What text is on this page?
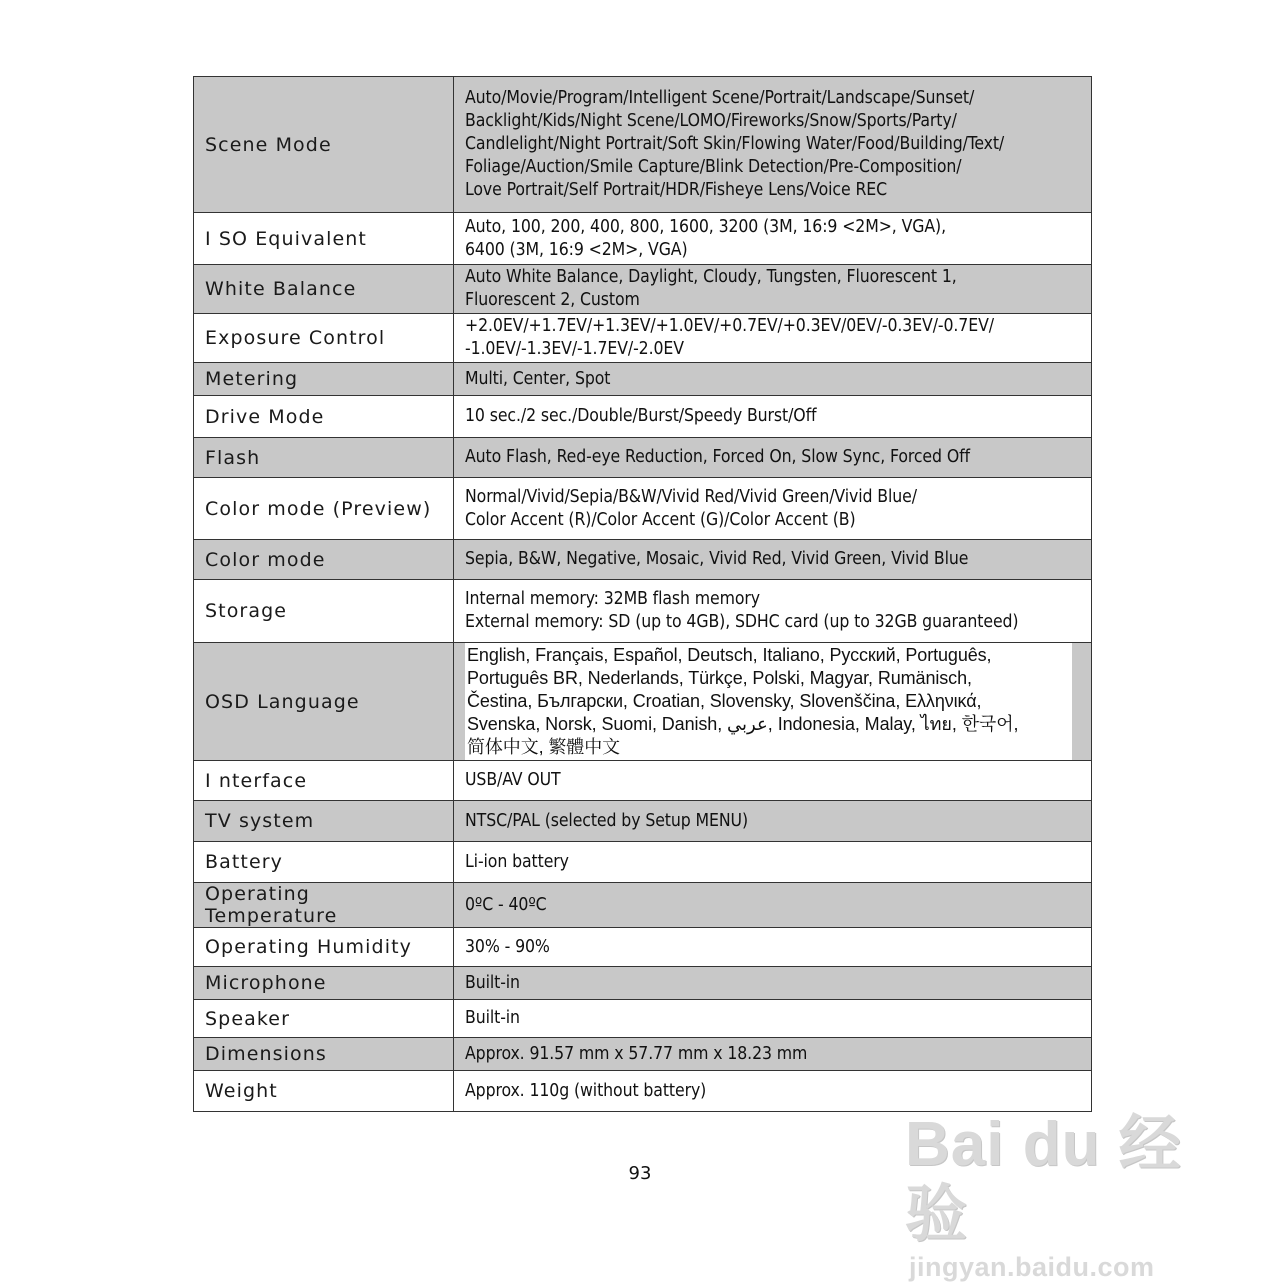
Scene Mode	Auto/Movie/Program/Intelligent Scene/Portrait/Landscape/Sunset/
Backlight/Kids/Night Scene/LOMO/Fireworks/Snow/Sports/Party/
Candlelight/Night Portrait/Soft Skin/Flowing Water/Food/Building/Text/
Foliage/Auction/Smile Capture/Blink Detection/Pre-Composition/
Love Portrait/Self Portrait/HDR/Fisheye Lens/Voice REC
I SO Equivalent	Auto, 100, 200, 400, 800, 1600, 3200 (3M, 16:9 <2M>, VGA),
6400 (3M, 16:9 <2M>, VGA)
White Balance	Auto White Balance, Daylight, Cloudy, Tungsten, Fluorescent 1,
Fluorescent 2, Custom
Exposure Control	+2.0EV/+1.7EV/+1.3EV/+1.0EV/+0.7EV/+0.3EV/0EV/-0.3EV/-0.7EV/
-1.0EV/-1.3EV/-1.7EV/-2.0EV
Metering	Multi, Center, Spot
Drive Mode	10 sec./2 sec./Double/Burst/Speedy Burst/Off
Flash	Auto Flash, Red-eye Reduction, Forced On, Slow Sync, Forced Off
Color mode (Preview)	Normal/Vivid/Sepia/B&W/Vivid Red/Vivid Green/Vivid Blue/
Color Accent (R)/Color Accent (G)/Color Accent (B)
Color mode	Sepia, B&W, Negative, Mosaic, Vivid Red, Vivid Green, Vivid Blue
Storage	Internal memory: 32MB flash memory
External memory: SD (up to 4GB), SDHC card (up to 32GB guaranteed)
OSD Language	English, Français, Español, Deutsch, Italiano, Русский, Português,
Português BR, Nederlands, Türkçe, Polski, Magyar, Rumänisch,
Čestina, Български, Croatian, Slovensky, Slovenščina, Ελληνικά,
Svenska, Norsk, Suomi, Danish, عربي, Indonesia, Malay, ไทย, 한국어,
简体中文, 繁體中文

I nterface	USB/AV OUT
TV system	NTSC/PAL (selected by Setup MENU)
Battery	Li-ion battery
Operating Temperature	0ºC - 40ºC
Operating Humidity	30% - 90%
Microphone	Built-in
Speaker	Built-in
Dimensions	Approx. 91.57 mm x 57.77 mm x 18.23 mm
Weight	Approx. 110g (without battery)
93	Bai du 经验
jingyan.baidu.com
